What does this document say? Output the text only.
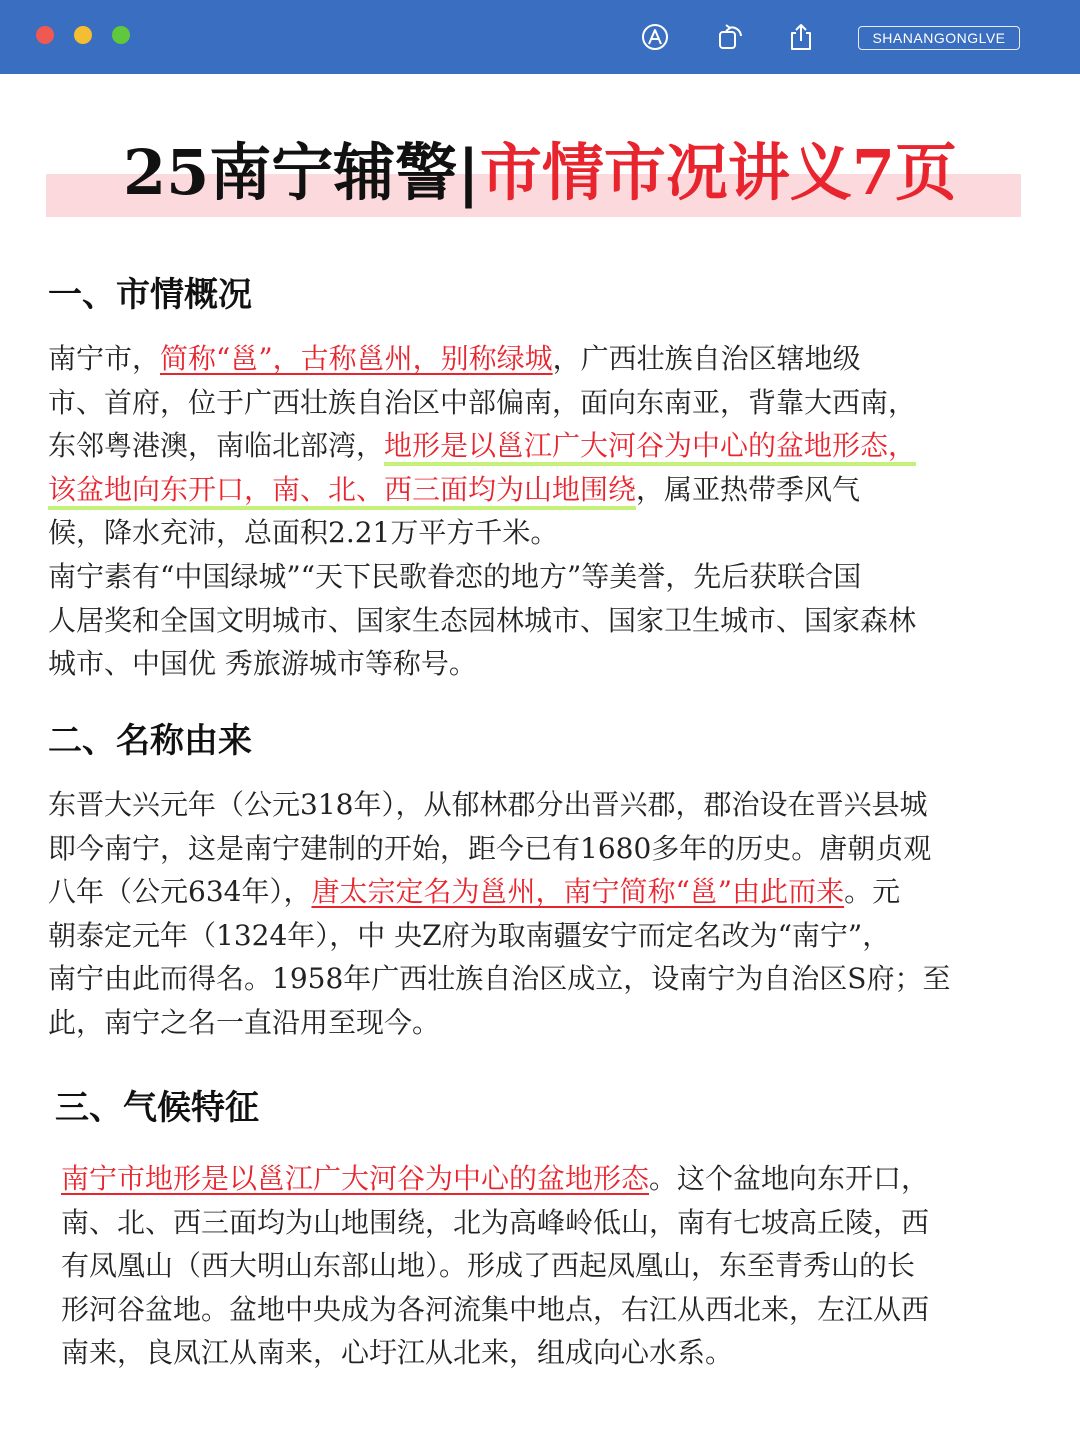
SHANANGONGLVE
25南宁辅警|市情市况讲义7页
一、市情概况
南宁市，简称“邕”，古称邕州，别称绿城，广西壮族自治区辖地级
市、首府，位于广西壮族自治区中部偏南，面向东南亚，背靠大西南，
东邻粤港澳，南临北部湾，地形是以邕江广大河谷为中心的盆地形态，
该盆地向东开口，南、北、西三面均为山地围绕，属亚热带季风气
候，降水充沛，总面积2.21万平方千米。
南宁素有“中国绿城”“天下民歌眷恋的地方”等美誉，先后获联合国
人居奖和全国文明城市、国家生态园林城市、国家卫生城市、国家森林
城市、中国优 秀旅游城市等称号。
二、名称由来
东晋大兴元年（公元318年），从郁林郡分出晋兴郡，郡治设在晋兴县城
即今南宁，这是南宁建制的开始，距今已有1680多年的历史。唐朝贞观
八年（公元634年），唐太宗定名为邕州，南宁简称“邕”由此而来。元
朝泰定元年（1324年），中 央Z府为取南疆安宁而定名改为“南宁”，
南宁由此而得名。1958年广西壮族自治区成立，设南宁为自治区S府；至
此，南宁之名一直沿用至现今。
三、气候特征
南宁市地形是以邕江广大河谷为中心的盆地形态。这个盆地向东开口，
南、北、西三面均为山地围绕，北为高峰岭低山，南有七坡高丘陵，西
有凤凰山（西大明山东部山地）。形成了西起凤凰山，东至青秀山的长
形河谷盆地。盆地中央成为各河流集中地点，右江从西北来，左江从西
南来，良凤江从南来，心圩江从北来，组成向心水系。
